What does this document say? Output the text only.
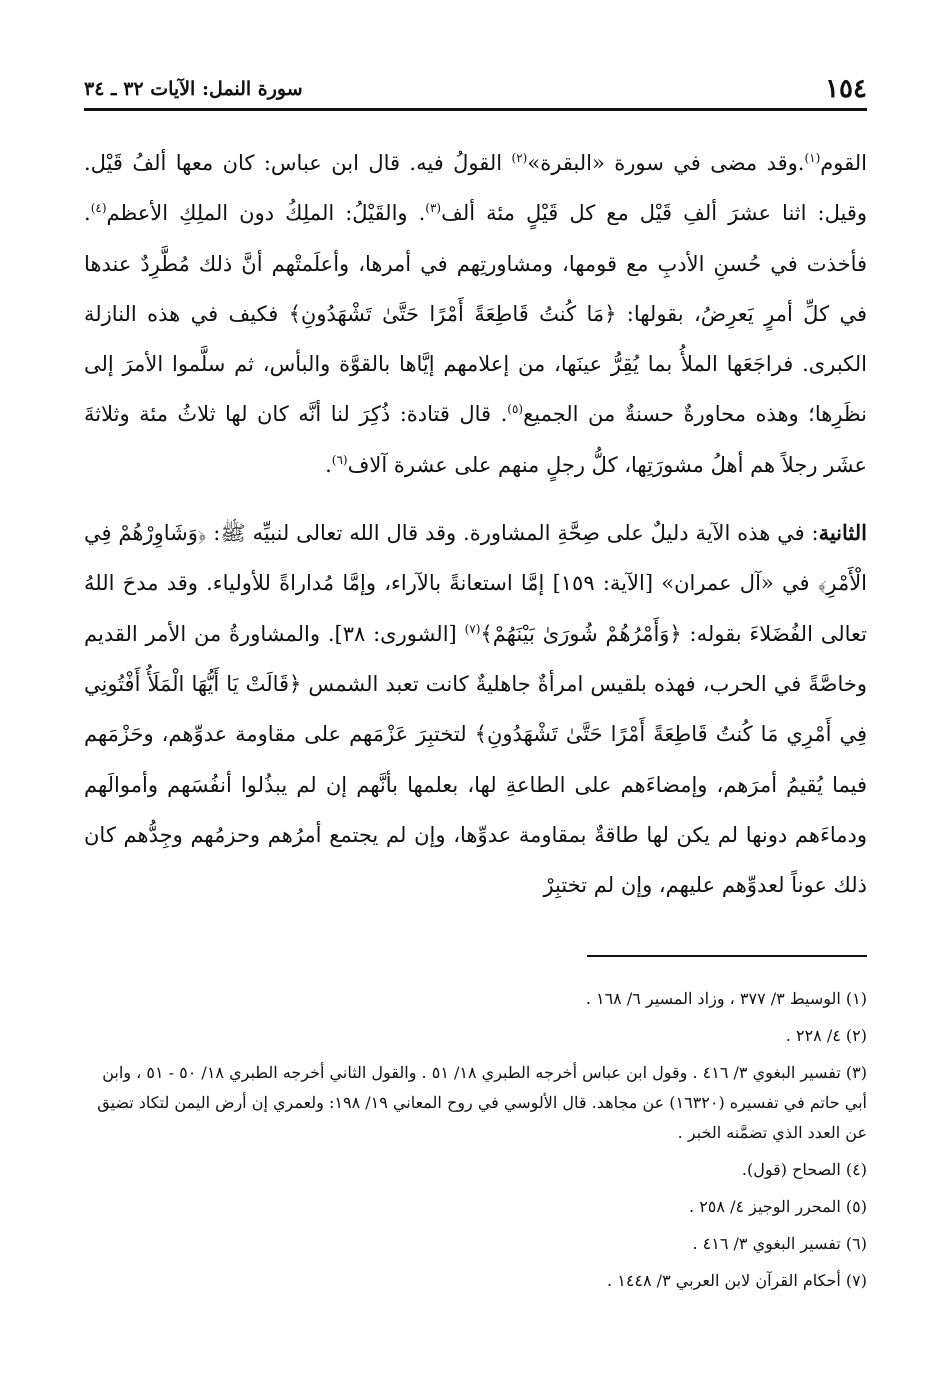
١٥٤
سورة النمل: الآيات ٣٢ ـ ٣٤

القوم$^{(١)}$.وقد مضى في سورة «البقرة»$^{(٢)}$ القولُ فيه. قال ابن عباس: كان معها ألفُ قَيْل. وقيل: اثنا عشرَ ألفِ قَيْل مع كل قَيْلٍ مئة ألف$^{(٣)}$. والقَيْلُ: الملِكُ دون الملِكِ الأعظم$^{(٤)}$. فأخذت في حُسنِ الأدبِ مع قومها، ومشاورتِهم في أمرها، وأعلَمتْهم أنَّ ذلك مُطَّرِدٌ عندها في كلِّ أمرٍ يَعرِضُ، بقولها: ﴿مَا كُنتُ قَاطِعَةً أَمْرًا حَتَّىٰ تَشْهَدُونِ﴾ فكيف في هذه النازلة الكبرى. فراجَعَها الملأُ بما يُقِرُّ عينَها، من إعلامهم إيَّاها بالقوَّة والبأس، ثم سلَّموا الأمرَ إلى نظَرِها؛ وهذه محاورةٌ حسنةٌ من الجميع$^{(٥)}$. قال قتادة: ذُكِرَ لنا أنَّه كان لها ثلاثُ مئة وثلاثةَ عشَر رجلاً هم أهلُ مشورَتِها، كلُّ رجلٍ منهم على عشرة آلاف$^{(٦)}$.

الثانية: في هذه الآية دليلٌ على صِحَّةِ المشاورة. وقد قال الله تعالى لنبيِّه ﷺ: ﴿وَشَاوِرْهُمْ فِي الْأَمْرِ﴾ في «آل عمران» [الآية: ١٥٩] إمَّا استعانةً بالآراء، وإمَّا مُداراةً للأولياء. وقد مدحَ اللهُ تعالى الفُضَلاءَ بقوله: ﴿وَأَمْرُهُمْ شُورَىٰ بَيْنَهُمْ﴾$^{(٧)}$ [الشورى: ٣٨]. والمشاورةُ من الأمر القديم وخاصَّةً في الحرب، فهذه بلقيس امرأةٌ جاهليةٌ كانت تعبد الشمس ﴿قَالَتْ يَا أَيُّهَا الْمَلَأُ أَفْتُونِي فِي أَمْرِي مَا كُنتُ قَاطِعَةً أَمْرًا حَتَّىٰ تَشْهَدُونِ﴾ لتختبِرَ عَزْمَهم على مقاومة عدوِّهم، وحَزْمَهم فيما يُقيمُ أمرَهم، وإمضاءَهم على الطاعةِ لها، بعلمها بأنَّهم إن لم يبذُلوا أنفُسَهم وأموالَهم ودماءَهم دونها لم يكن لها طاقةٌ بمقاومة عدوِّها، وإن لم يجتمع أمرُهم وحزمُهم وجِدُّهم كان ذلك عوناً لعدوِّهم عليهم، وإن لم تختبِرْ

(١) الوسيط ٣/ ٣٧٧ ، وزاد المسير ٦/ ١٦٨ .
(٢) ٤/ ٢٢٨ .
(٣) تفسير البغوي ٣/ ٤١٦ . وقول ابن عباس أخرجه الطبري ١٨/ ٥١ . والقول الثاني أخرجه الطبري ١٨/ ٥٠ - ٥١ ، وابن أبي حاتم في تفسيره (١٦٣٢٠) عن مجاهد. قال الألوسي في روح المعاني ١٩/ ١٩٨: ولعمري إن أرض اليمن لتكاد تضيق عن العدد الذي تضمَّنه الخبر .
(٤) الصحاح (قول).
(٥) المحرر الوجيز ٤/ ٢٥٨ .
(٦) تفسير البغوي ٣/ ٤١٦ .
(٧) أحكام القرآن لابن العربي ٣/ ١٤٤٨ .
